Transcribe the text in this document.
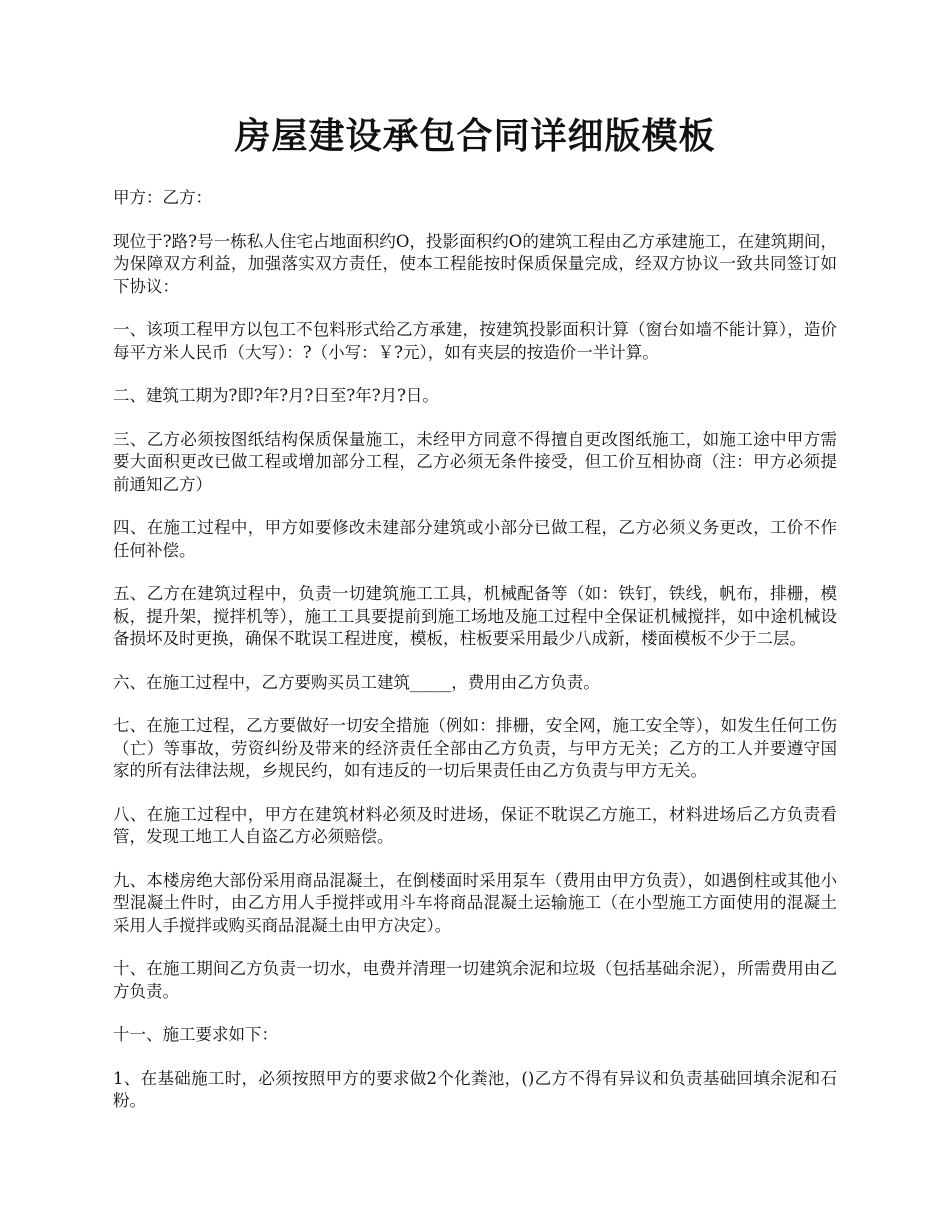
房屋建设承包合同详细版模板

甲方：乙方：

现位于?路?号一栋私人住宅占地面积约O，投影面积约O的建筑工程由乙方承建施工，在建筑期间，为保障双方利益，加强落实双方责任，使本工程能按时保质保量完成，经双方协议一致共同签订如下协议：

一、该项工程甲方以包工不包料形式给乙方承建，按建筑投影面积计算（窗台如墙不能计算），造价每平方米人民币（大写）：?（小写：￥?元），如有夹层的按造价一半计算。

二、建筑工期为?即?年?月?日至?年?月?日。

三、乙方必须按图纸结构保质保量施工，未经甲方同意不得擅自更改图纸施工，如施工途中甲方需要大面积更改已做工程或增加部分工程，乙方必须无条件接受，但工价互相协商（注：甲方必须提前通知乙方）

四、在施工过程中，甲方如要修改未建部分建筑或小部分已做工程，乙方必须义务更改，工价不作任何补偿。

五、乙方在建筑过程中，负责一切建筑施工工具，机械配备等（如：铁钉，铁线，帆布，排栅，模板，提升架，搅拌机等），施工工具要提前到施工场地及施工过程中全保证机械搅拌，如中途机械设备损坏及时更换，确保不耽误工程进度，模板，柱板要采用最少八成新，楼面模板不少于二层。

六、在施工过程中，乙方要购买员工建筑_____，费用由乙方负责。

七、在施工过程，乙方要做好一切安全措施（例如：排栅，安全网，施工安全等），如发生任何工伤（亡）等事故，劳资纠纷及带来的经济责任全部由乙方负责，与甲方无关；乙方的工人并要遵守国家的所有法律法规，乡规民约，如有违反的一切后果责任由乙方负责与甲方无关。

八、在施工过程中，甲方在建筑材料必须及时进场，保证不耽误乙方施工，材料进场后乙方负责看管，发现工地工人自盗乙方必须赔偿。

九、本楼房绝大部份采用商品混凝土，在倒楼面时采用泵车（费用由甲方负责），如遇倒柱或其他小型混凝土件时，由乙方用人手搅拌或用斗车将商品混凝土运输施工（在小型施工方面使用的混凝土采用人手搅拌或购买商品混凝土由甲方决定）。

十、在施工期间乙方负责一切水，电费并清理一切建筑余泥和垃圾（包括基础余泥），所需费用由乙方负责。

十一、施工要求如下：

1、在基础施工时，必须按照甲方的要求做2个化粪池，()乙方不得有异议和负责基础回填余泥和石粉。
